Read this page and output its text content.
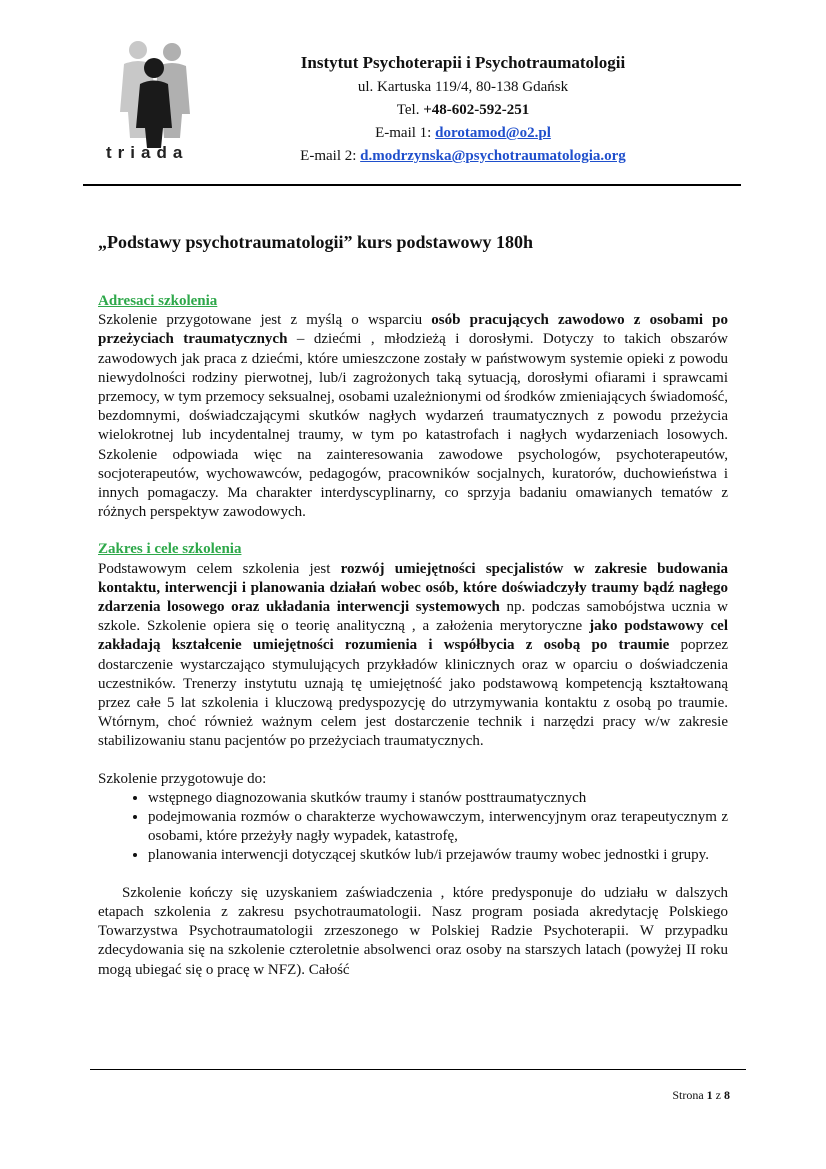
triada
Instytut Psychoterapii i Psychotraumatologii
ul. Kartuska 119/4, 80-138 Gdańsk
Tel. +48-602-592-251
E-mail 1: dorotamod@o2.pl
E-mail 2: d.modrzynska@psychotraumatologia.org
„Podstawy psychotraumatologii” kurs podstawowy 180h
Adresaci szkolenia

Szkolenie przygotowane jest z myślą o wsparciu osób pracujących zawodowo z osobami po przeżyciach traumatycznych – dziećmi , młodzieżą i dorosłymi. Dotyczy to takich obszarów zawodowych jak praca z dziećmi, które umieszczone zostały w państwowym systemie opieki z powodu niewydolności rodziny pierwotnej, lub/i zagrożonych taką sytuacją, dorosłymi ofiarami i sprawcami przemocy, w tym przemocy seksualnej, osobami uzależnionymi od środków zmieniających świadomość, bezdomnymi, doświadczającymi skutków nagłych wydarzeń traumatycznych z powodu przeżycia wielokrotnej lub incydentalnej traumy, w tym po katastrofach i nagłych wydarzeniach losowych. Szkolenie odpowiada więc na zainteresowania zawodowe psychologów, psychoterapeutów, socjoterapeutów, wychowawców, pedagogów, pracowników socjalnych, kuratorów, duchowieństwa i innych pomagaczy. Ma charakter interdyscyplinarny, co sprzyja badaniu omawianych tematów z różnych perspektyw zawodowych.

Zakres i cele szkolenia

Podstawowym celem szkolenia jest rozwój umiejętności specjalistów w zakresie budowania kontaktu, interwencji i planowania działań wobec osób, które doświadczyły traumy bądź nagłego zdarzenia losowego oraz układania interwencji systemowych np. podczas samobójstwa ucznia w szkole. Szkolenie opiera się o teorię analityczną , a założenia merytoryczne jako podstawowy cel zakładają kształcenie umiejętności rozumienia i współbycia z osobą po traumie poprzez dostarczenie wystarczająco stymulujących przykładów klinicznych oraz w oparciu o doświadczenia uczestników. Trenerzy instytutu uznają tę umiejętność jako podstawową kompetencją kształtowaną przez całe 5 lat szkolenia i kluczową predyspozycję do utrzymywania kontaktu z osobą po traumie. Wtórnym, choć również ważnym celem jest dostarczenie technik i narzędzi pracy w/w zakresie stabilizowaniu stanu pacjentów po przeżyciach traumatycznych.

Szkolenie przygotowuje do:

• wstępnego diagnozowania skutków traumy i stanów posttraumatycznych
• podejmowania rozmów o charakterze wychowawczym, interwencyjnym oraz terapeutycznym z osobami, które przeżyły nagły wypadek, katastrofę,
• planowania interwencji dotyczącej skutków lub/i przejawów traumy wobec jednostki i grupy.

Szkolenie kończy się uzyskaniem zaświadczenia , które predysponuje do udziału w dalszych etapach szkolenia z zakresu psychotraumatologii. Nasz program posiada akredytację Polskiego Towarzystwa Psychotraumatologii zrzeszonego w Polskiej Radzie Psychoterapii. W przypadku zdecydowania się na szkolenie czteroletnie absolwenci oraz osoby na starszych latach (powyżej II roku mogą ubiegać się o pracę w NFZ). Całość

Strona 1 z 8
